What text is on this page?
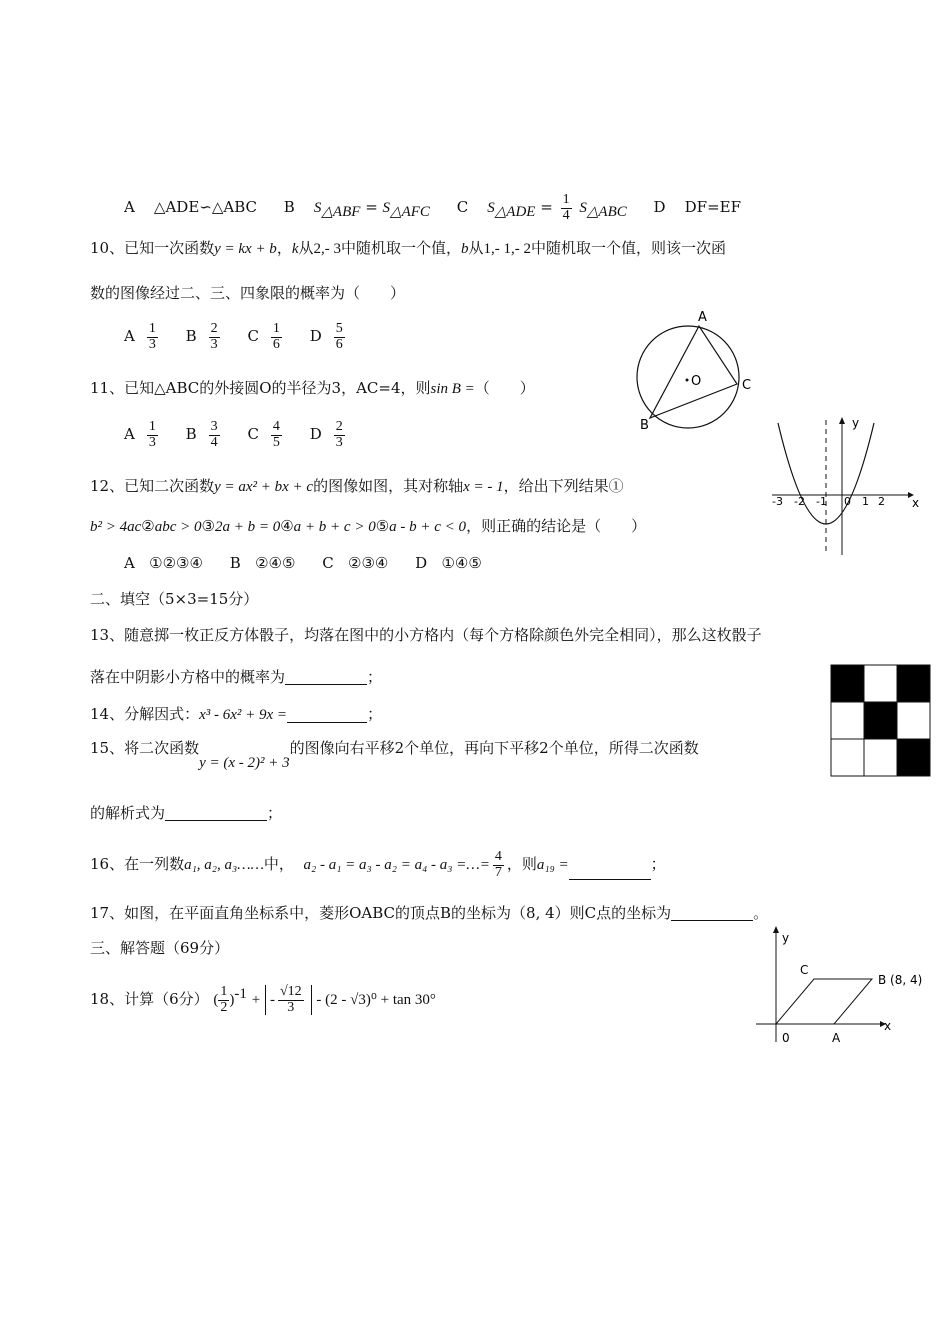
A △ADE∽△ABC B $S_{\triangle ABF} = S_{\triangle AFC}$ C $S_{\triangle ADE} = \frac{1}{4} S_{\triangle ABC}$ D DF=EF
10、已知一次函数y = kx + b，k从2,- 3中随机取一个值，b从1,- 1,- 2中随机取一个值，则该一次函
数的图像经过二、三、四象限的概率为（　　）
A $\frac{1}{3}$ B $\frac{2}{3}$ C $\frac{1}{6}$ D $\frac{5}{6}$
A
B
C
O
11、已知△ABC的外接圆O的半径为3，AC=4，则sin B =（　　）
A $\frac{1}{3}$ B $\frac{3}{4}$ C $\frac{4}{5}$ D $\frac{2}{3}$	y
x
-3 -2 -1 0 1 2
12、已知二次函数y = ax² + bx + c的图像如图，其对称轴x = - 1，给出下列结果①
b² > 4ac②abc > 0③2a + b = 0④a + b + c > 0⑤a - b + c < 0，则正确的结论是（　　）
A ①②③④ B ②④⑤ C ②③④ D ①④⑤
二、填空（5×3=15分）
13、随意掷一枚正反方体骰子，均落在图中的小方格内（每个方格除颜色外完全相同），那么这枚骰子
落在中阴影小方格中的概率为	；
14、分解因式：x³ - 6x² + 9x =	；
15、将二次函数y = (x - 2)² + 3的图像向右平移2个单位，再向下平移2个单位，所得二次函数
的解析式为	；
16、在一列数a₁, a₂, a₃……中， a₂ - a₁ = a₃ - a₂ = a₄ - a₃ =…= $\frac{4}{7}$ ，则a₁₉ =	；
17、如图，在平面直角坐标系中，菱形OABC的顶点B的坐标为（8, 4）则C点的坐标为	。
三、解答题（69分）
y
x
0	A
B (8, 4)
C
18、计算（6分） ( $\frac{1}{2} )^{-1}$ + - $\frac{√12}{3} - (2 - √3)^0 + \tan 30^\circ$
